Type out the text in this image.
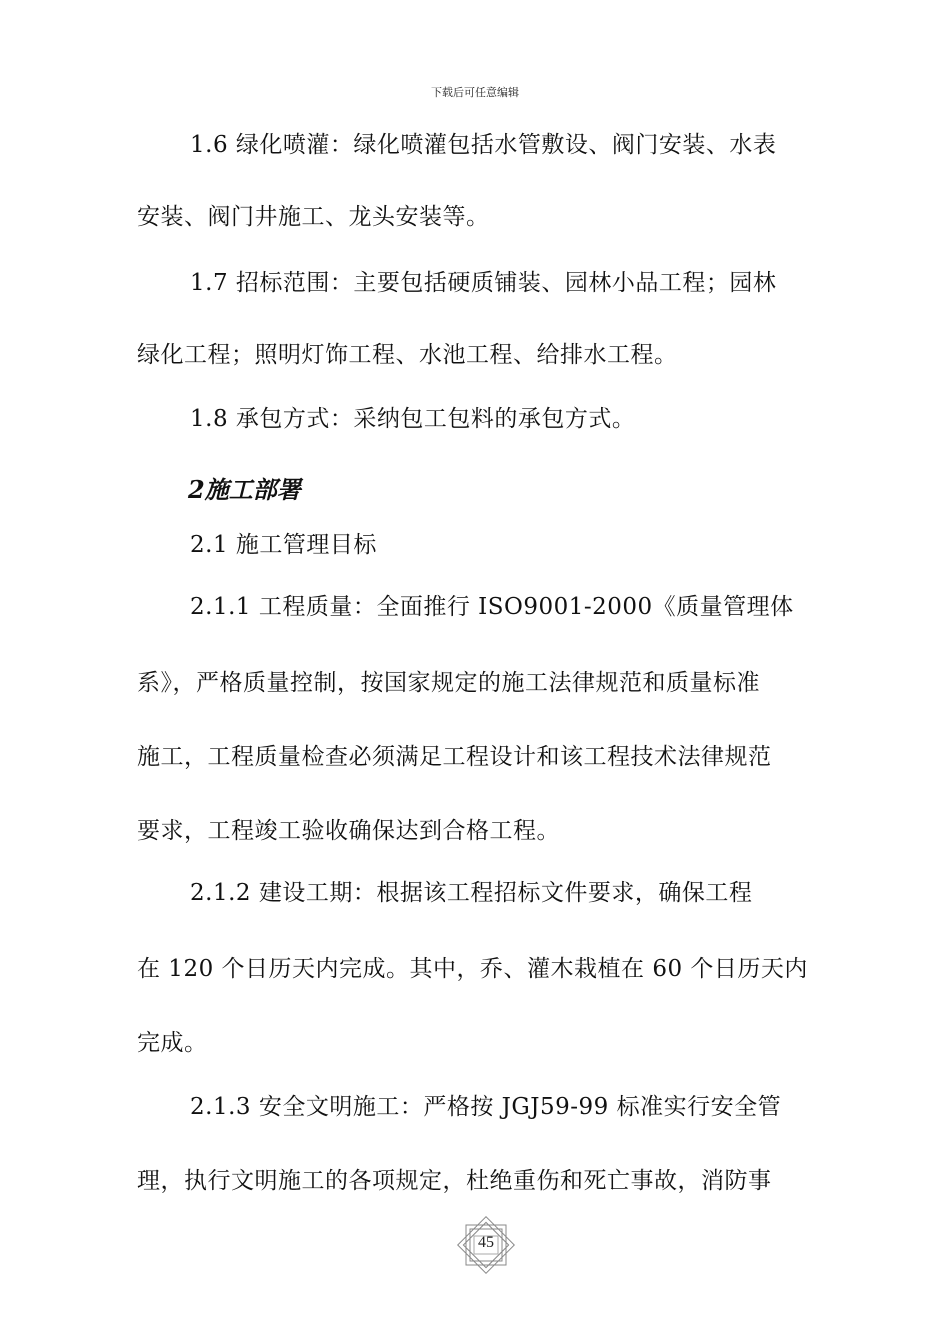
下载后可任意编辑
1.6 绿化喷灌：绿化喷灌包括水管敷设、阀门安装、水表
安装、阀门井施工、龙头安装等。
1.7 招标范围：主要包括硬质铺装、园林小品工程；园林
绿化工程；照明灯饰工程、水池工程、给排水工程。
1.8 承包方式：采纳包工包料的承包方式。
2施工部署
2.1 施工管理目标
2.1.1 工程质量：全面推行 ISO9001-2000《质量管理体
系》，严格质量控制，按国家规定的施工法律规范和质量标准
施工，工程质量检查必须满足工程设计和该工程技术法律规范
要求，工程竣工验收确保达到合格工程。
2.1.2 建设工期：根据该工程招标文件要求，确保工程
在 120 个日历天内完成。其中，乔、灌木栽植在 60 个日历天内
完成。
2.1.3 安全文明施工：严格按 JGJ59-99 标准实行安全管
理，执行文明施工的各项规定，杜绝重伤和死亡事故，消防事
45
